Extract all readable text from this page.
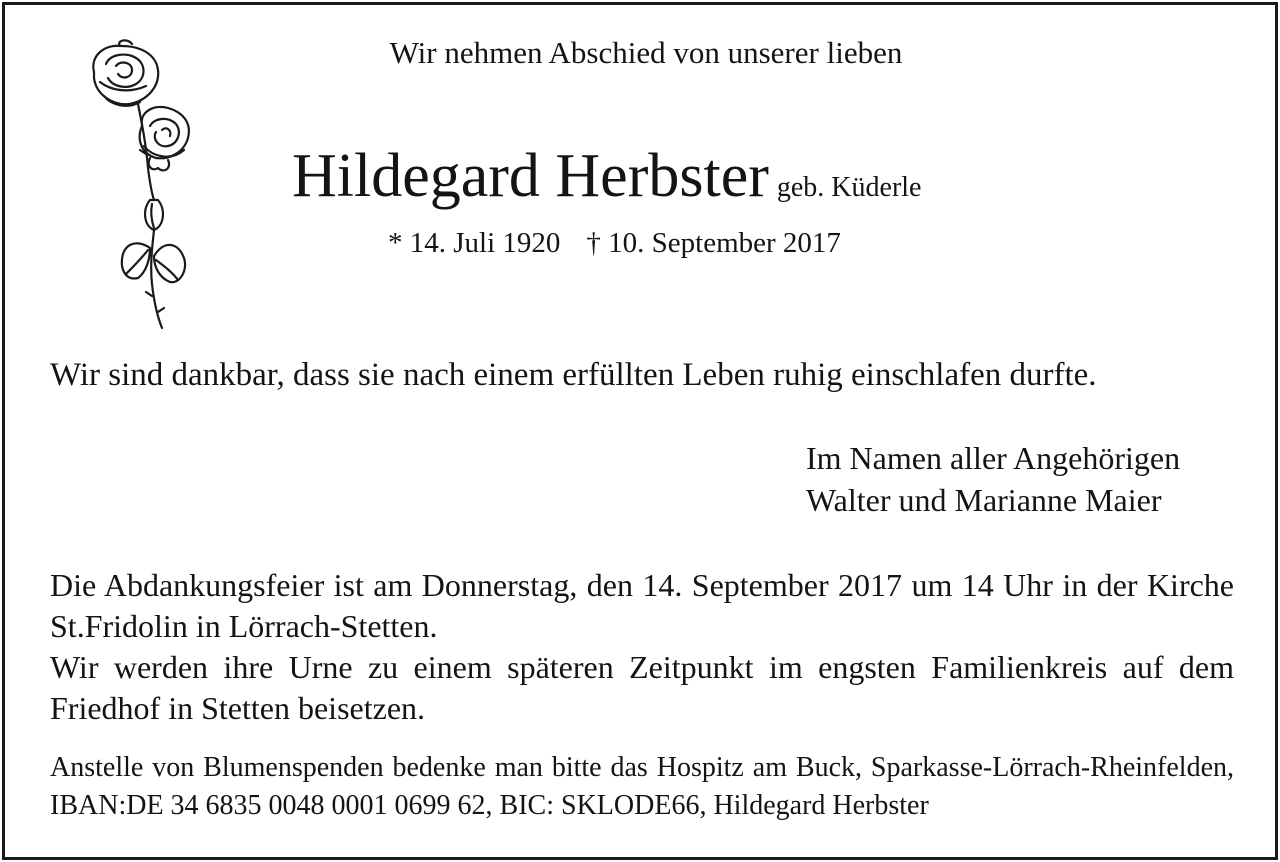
Wir nehmen Abschied von unserer lieben
Hildegard Herbster geb. Küderle
* 14. Juli 1920 † 10. September 2017
Wir sind dankbar, dass sie nach einem erfüllten Leben ruhig einschlafen durfte.
Im Namen aller Angehörigen
Walter und Marianne Maier

Die Abdankungsfeier ist am Donnerstag, den 14. September 2017 um 14 Uhr in der Kirche St.Fridolin in Lörrach-Stetten.

Wir werden ihre Urne zu einem späteren Zeitpunkt im engsten Familienkreis auf dem Friedhof in Stetten beisetzen.

Anstelle von Blumenspenden bedenke man bitte das Hospitz am Buck, Sparkasse-Lörrach-Rheinfelden, IBAN:DE 34 6835 0048 0001 0699 62, BIC: SKLODE66, Hildegard Herbster
